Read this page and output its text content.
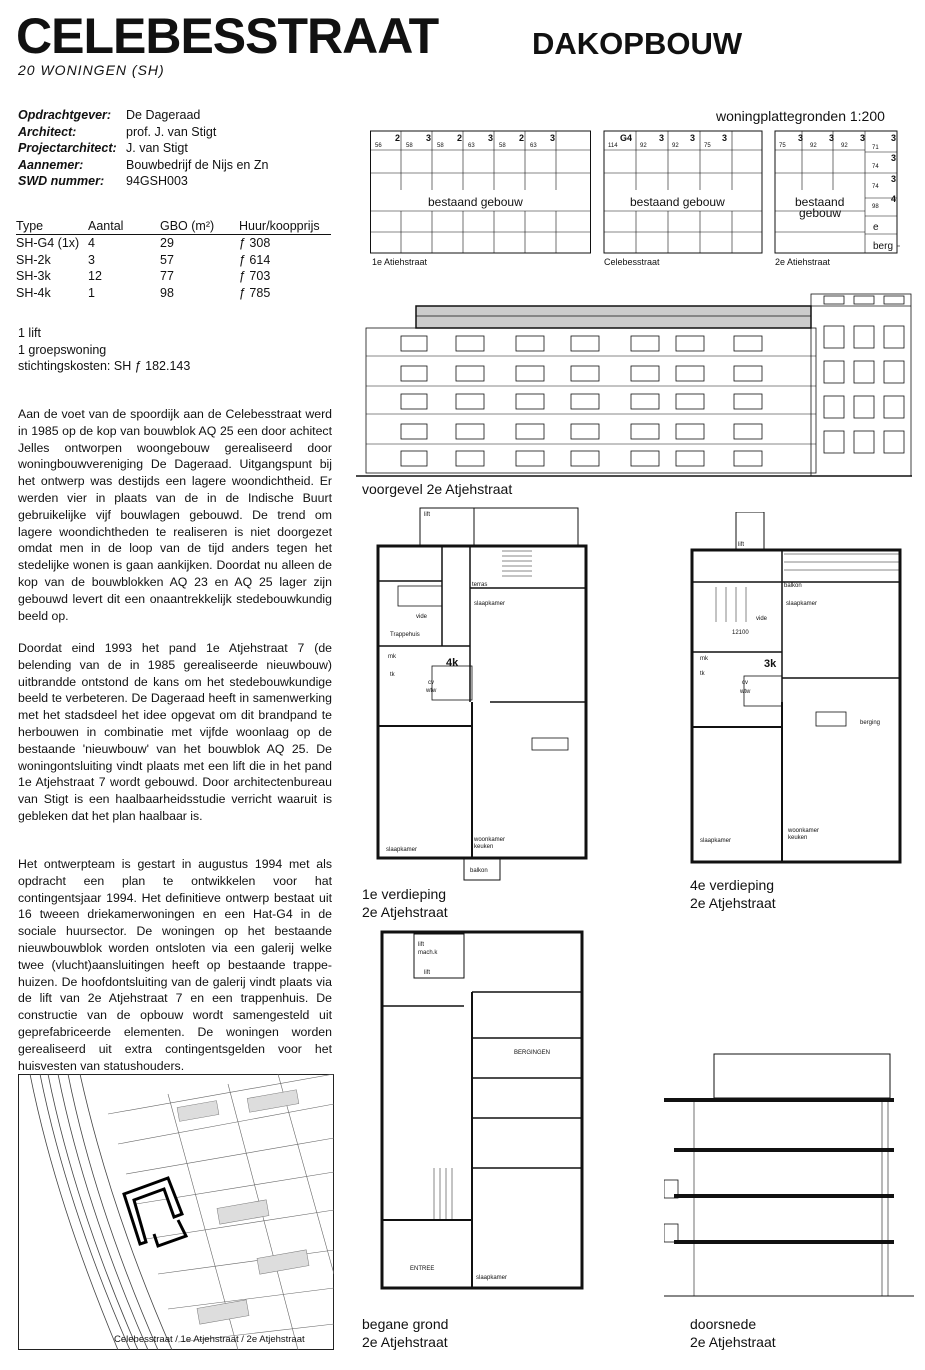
CELEBESSTRAAT	DAKOPBOUW
20 WONINGEN (SH)
Opdrachtgever:	De Dageraad
Architect:	prof. J. van Stigt
Projectarchitect: J. van Stigt
Aannemer:	Bouwbedrijf de Nijs en Zn
SWD nummer:	94GSH003
Type	Aantal	GBO (m²)	Huur/koopprijs
SH-G4 (1x)	4	29	ƒ 308
SH-2k	3	57	ƒ 614
SH-3k	12	77	ƒ 703
SH-4k	1	98	ƒ 785
1 lift
1 groepswoning
stichtingskosten: SH ƒ 182.143
Aan de voet van de spoordijk aan de Celebesstraat werd in 1985 op de kop van bouwblok AQ 25 een door achitect Jelles ontworpen woongebouw gerealiseerd door woningbouwvereniging De Dageraad. Uitgangspunt bij het ontwerp was destijds een lagere woondichtheid. Er werden vier in plaats van de in de Indische Buurt gebruikelijke vijf bouwlagen gebouwd. De trend om lagere woondichtheden te realiseren is niet doorgezet omdat men in de loop van de tijd anders tegen het stedelijke wonen is gaan aankijken. Doordat nu alleen de kop van de bouwblokken AQ 23 en AQ 25 lager zijn gebouwd levert dit een onaantrekkelijk stedebouwkundig beeld op.
Doordat eind 1993 het pand 1e Atjehstraat 7 (de belending van de in 1985 gerealiseerde nieuwbouw) uitbrandde ontstond de kans om het stedebouwkundige beeld te verbeteren. De Dageraad heeft in samenwerking met het stadsdeel het idee opgevat om dit brandpand te herbouwen in combinatie met vijfde woonlaag op de bestaande 'nieuwbouw' van het bouwblok AQ 25. De woningontsluiting vindt plaats met een lift die in het pand 1e Atjehstraat 7 wordt gebouwd. Door architectenbureau van Stigt is een haalbaarheidsstudie verricht waaruit is gebleken dat het plan haalbaar is.
Het ontwerpteam is gestart in augustus 1994 met als opdracht een plan te ontwikkelen voor hat contingentsjaar 1994. Het definitieve ontwerp bestaat uit 16 tweeen driekamerwoningen en een Hat-G4 in de sociale huursector. De woningen op het bestaande nieuwbouwblok worden ontsloten via een galerij welke twee (vlucht)aansluitingen heeft op bestaande trappe-huizen. De hoofdontsluiting van de galerij vindt plaats via de lift van 2e Atjehstraat 7 en een trappenhuis. De constructie van de opbouw wordt samengesteld uit geprefabriceerde elementen. De woningen worden gerealiseerd uit extra contingentsgelden voor het huisvesten van statushouders.
Celebesstraat / 1e Atjehstraat / 2e Atjehstraat
woningplattegronden 1:200
2	3	2	3	2	3
56	58	58	63	58	63
bestaand gebouw
1e Atiehstraat
G4	3	3	3
114	92	92	75
bestaand gebouw
Celebesstraat
3	3	3	3
75	92	92	71
3
3
4
74
74
98
bestaand
gebouw
e
berg
2e Atiehstraat
voorgevel 2e Atjehstraat
lift
terras
slaapkamer
vide
Trappehuis
mk
cv
wtw
tk
4k
slaapkamer
woonkamer
keuken
balkon
1e verdieping
2e Atjehstraat
lift
balkon
slaapkamer
vide
12100
mk
cv
wtw
tk
3k
berging
slaapkamer
woonkamer
keuken
4e verdieping
2e Atjehstraat
lift
mach.k
lift
BERGINGEN
ENTREE
slaapkamer
begane grond
2e Atjehstraat
doorsnede
2e Atjehstraat
